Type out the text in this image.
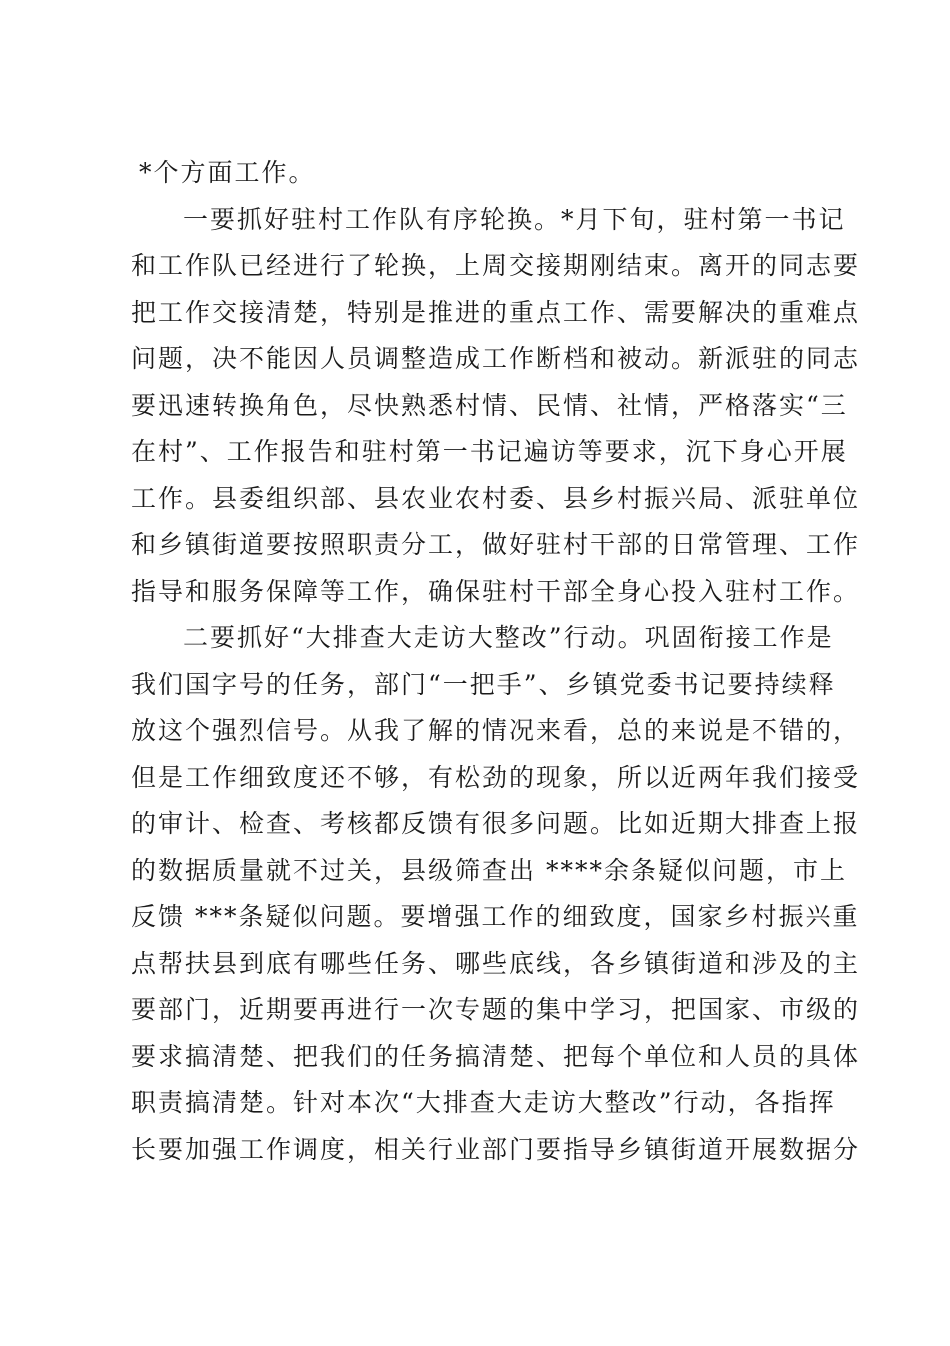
*个方面工作。
一要抓好驻村工作队有序轮换。*月下旬，驻村第一书记
和工作队已经进行了轮换，上周交接期刚结束。离开的同志要
把工作交接清楚，特别是推进的重点工作、需要解决的重难点
问题，决不能因人员调整造成工作断档和被动。新派驻的同志
要迅速转换角色，尽快熟悉村情、民情、社情，严格落实“三
在村”、工作报告和驻村第一书记遍访等要求，沉下身心开展
工作。县委组织部、县农业农村委、县乡村振兴局、派驻单位
和乡镇街道要按照职责分工，做好驻村干部的日常管理、工作
指导和服务保障等工作，确保驻村干部全身心投入驻村工作。
二要抓好“大排查大走访大整改”行动。巩固衔接工作是
我们国字号的任务，部门“一把手”、乡镇党委书记要持续释
放这个强烈信号。从我了解的情况来看，总的来说是不错的，
但是工作细致度还不够，有松劲的现象，所以近两年我们接受
的审计、检查、考核都反馈有很多问题。比如近期大排查上报
的数据质量就不过关，县级筛查出 ****余条疑似问题，市上
反馈 ***条疑似问题。要增强工作的细致度，国家乡村振兴重
点帮扶县到底有哪些任务、哪些底线，各乡镇街道和涉及的主
要部门，近期要再进行一次专题的集中学习，把国家、市级的
要求搞清楚、把我们的任务搞清楚、把每个单位和人员的具体
职责搞清楚。针对本次“大排查大走访大整改”行动，各指挥
长要加强工作调度，相关行业部门要指导乡镇街道开展数据分
